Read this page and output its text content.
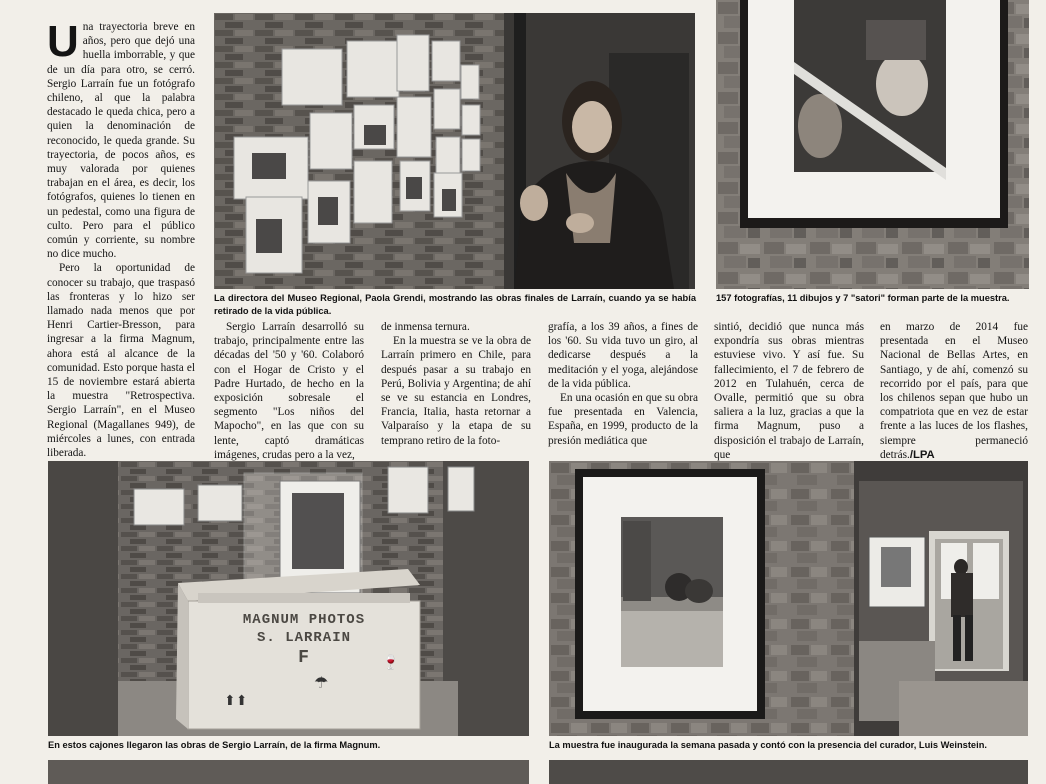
Una trayectoria breve en años, pero que dejó una huella imborrable, y que de un día para otro, se cerró. Sergio Larraín fue un fotógrafo chileno, al que la palabra destacado le queda chica, pero a quien la denominación de reconocido, le queda grande. Su trayectoria, de pocos años, es muy valorada por quienes trabajan en el área, es decir, los fotógrafos, quienes lo tienen en un pedestal, como una figura de culto. Pero para el público común y corriente, su nombre no dice mucho.

Pero la oportunidad de conocer su trabajo, que traspasó las fronteras y lo hizo ser llamado nada menos que por Henri Cartier-Bresson, para ingresar a la firma Magnum, ahora está al alcance de la comunidad. Esto porque hasta el 15 de noviembre estará abierta la muestra "Retrospectiva. Sergio Larraín", en el Museo Regional (Magallanes 949), de miércoles a lunes, con entrada liberada.

La directora del Museo Regional, Paola Grendi, mostrando las obras finales de Larraín, cuando ya se había retirado de la vida pública.
157 fotografías, 11 dibujos y 7 "satori" forman parte de la muestra.

Sergio Larraín desarrolló su trabajo, principalmente entre las décadas del '50 y '60. Colaboró con el Hogar de Cristo y el Padre Hurtado, de hecho en la exposición sobresale el segmento "Los niños del Mapocho", en las que con su lente, captó dramáticas imágenes, crudas pero a la vez,

de inmensa ternura.

En la muestra se ve la obra de Larraín primero en Chile, para después pasar a su trabajo en Perú, Bolivia y Argentina; de ahí se ve su estancia en Londres, Francia, Italia, hasta retornar a Valparaíso y la etapa de su temprano retiro de la foto-

grafía, a los 39 años, a fines de los '60. Su vida tuvo un giro, al dedicarse después a la meditación y el yoga, alejándose de la vida pública.

En una ocasión en que su obra fue presentada en Valencia, España, en 1999, producto de la presión mediática que

sintió, decidió que nunca más expondría sus obras mientras estuviese vivo. Y así fue. Su fallecimiento, el 7 de febrero de 2012 en Tulahuén, cerca de Ovalle, permitió que su obra saliera a la luz, gracias a que la firma Magnum, puso a disposición el trabajo de Larraín, que

en marzo de 2014 fue presentada en el Museo Nacional de Bellas Artes, en Santiago, y de ahí, comenzó su recorrido por el país, para que los chilenos sepan que hubo un compatriota que en vez de estar frente a las luces de los flashes, siempre permaneció detrás./LPA

MAGNUM PHOTOS
S. LARRAIN
F
☂
🍷
⬆⬆
En estos cajones llegaron las obras de Sergio Larraín, de la firma Magnum.	La muestra fue inaugurada la semana pasada y contó con la presencia del curador, Luis Weinstein.
